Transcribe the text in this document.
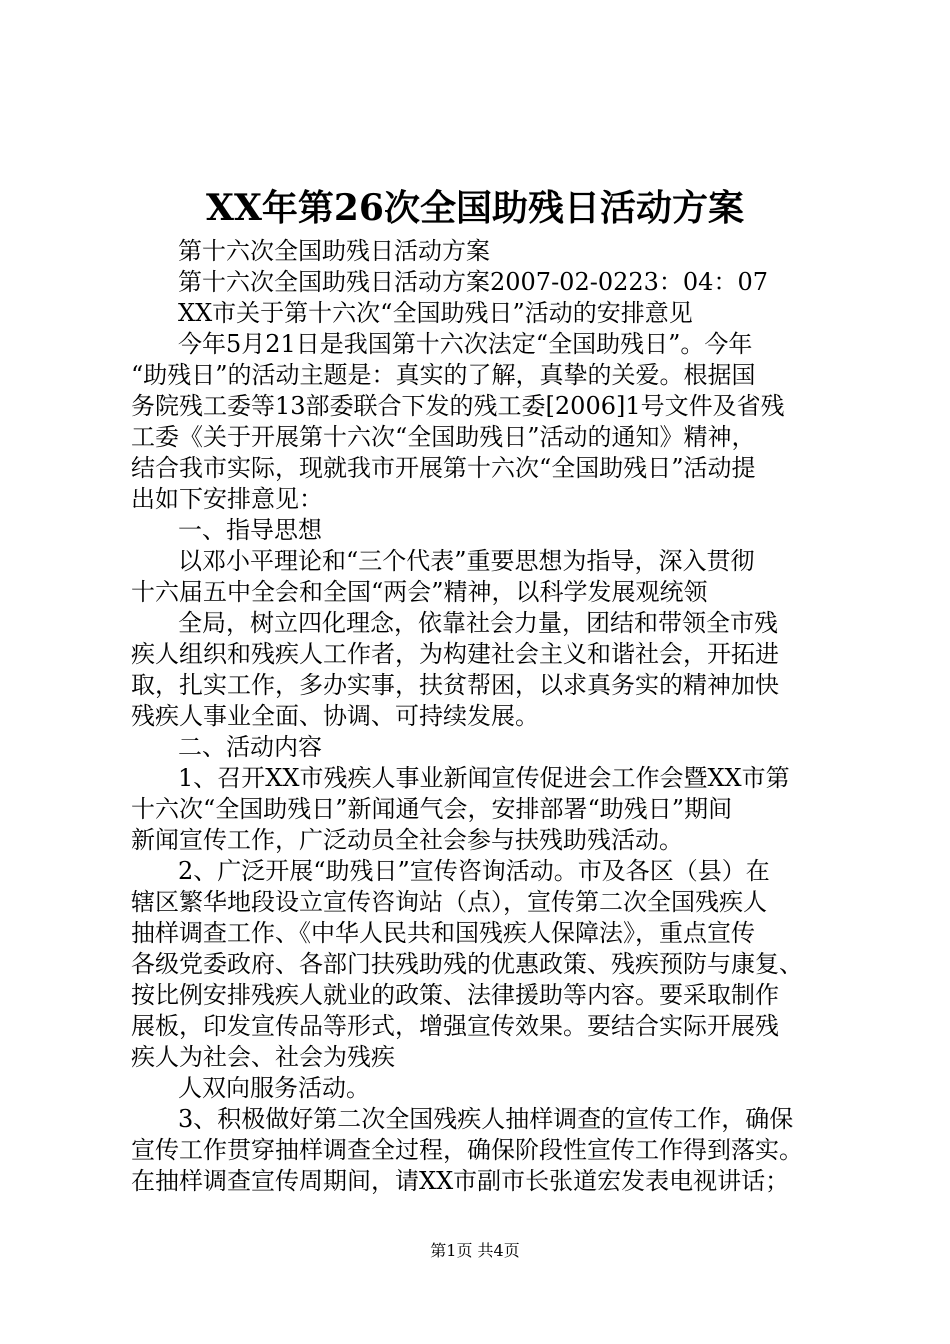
XX年第26次全国助残日活动方案
第十六次全国助残日活动方案
第十六次全国助残日活动方案2007-02-0223：04：07
XX市关于第十六次“全国助残日”活动的安排意见
今年5月21日是我国第十六次法定“全国助残日”。今年
“助残日”的活动主题是：真实的了解，真挚的关爱。根据国
务院残工委等13部委联合下发的残工委[2006]1号文件及省残
工委《关于开展第十六次“全国助残日”活动的通知》精神，
结合我市实际，现就我市开展第十六次“全国助残日”活动提
出如下安排意见：
一、指导思想
以邓小平理论和“三个代表”重要思想为指导，深入贯彻
十六届五中全会和全国“两会”精神，以科学发展观统领
全局，树立四化理念，依靠社会力量，团结和带领全市残
疾人组织和残疾人工作者，为构建社会主义和谐社会，开拓进
取，扎实工作，多办实事，扶贫帮困，以求真务实的精神加快
残疾人事业全面、协调、可持续发展。
二、活动内容
1、召开XX市残疾人事业新闻宣传促进会工作会暨XX市第
十六次“全国助残日”新闻通气会，安排部署“助残日”期间
新闻宣传工作，广泛动员全社会参与扶残助残活动。
2、广泛开展“助残日”宣传咨询活动。市及各区（县）在
辖区繁华地段设立宣传咨询站（点），宣传第二次全国残疾人
抽样调查工作、《中华人民共和国残疾人保障法》，重点宣传
各级党委政府、各部门扶残助残的优惠政策、残疾预防与康复、
按比例安排残疾人就业的政策、法律援助等内容。要采取制作
展板，印发宣传品等形式，增强宣传效果。要结合实际开展残
疾人为社会、社会为残疾
人双向服务活动。
3、积极做好第二次全国残疾人抽样调查的宣传工作，确保
宣传工作贯穿抽样调查全过程，确保阶段性宣传工作得到落实。
在抽样调查宣传周期间，请XX市副市长张道宏发表电视讲话；
第1页 共4页
